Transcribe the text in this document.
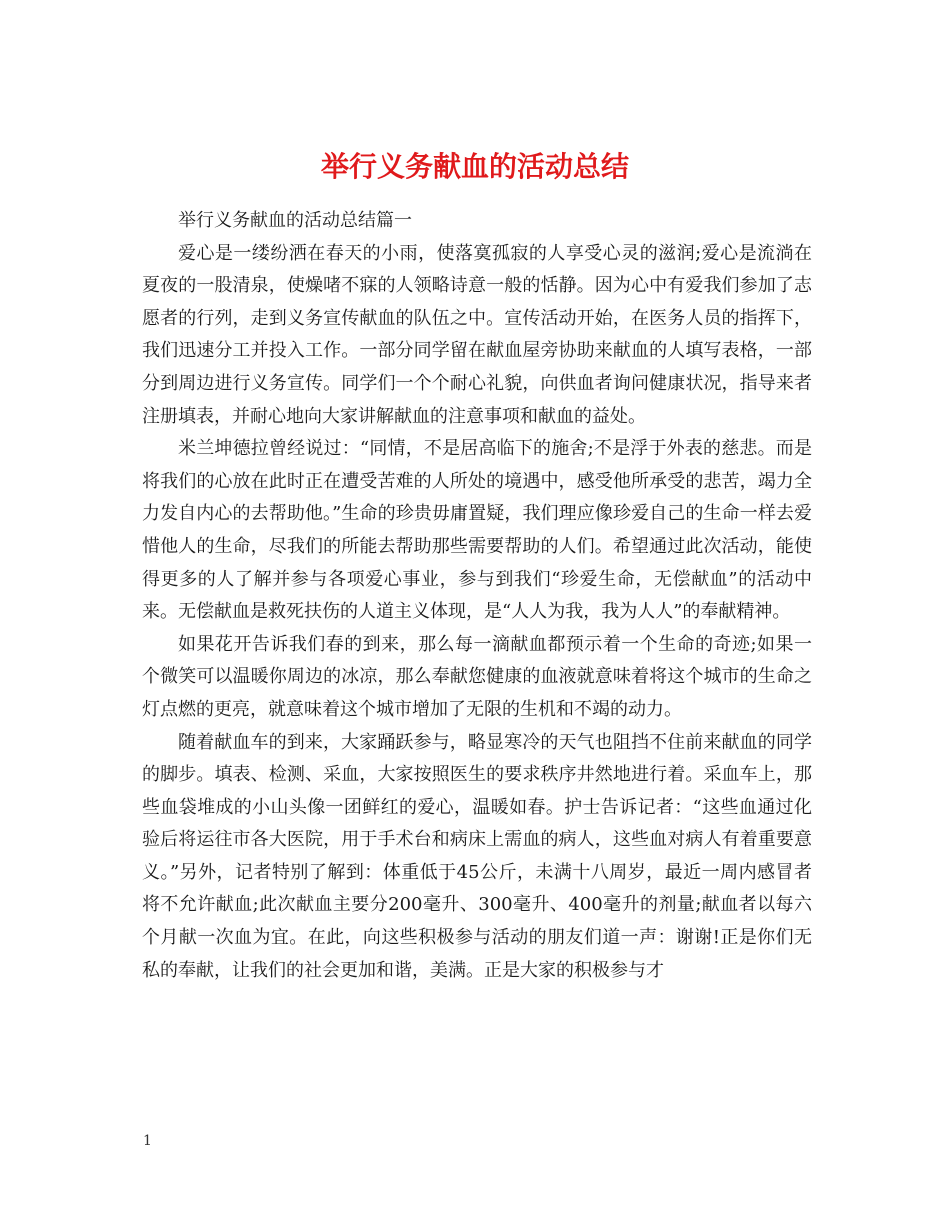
举行义务献血的活动总结

举行义务献血的活动总结篇一

爱心是一缕纷洒在春天的小雨，使落寞孤寂的人享受心灵的滋润;爱心是流淌在夏夜的一股清泉，使燥啫不寐的人领略诗意一般的恬静。因为心中有爱我们参加了志愿者的行列，走到义务宣传献血的队伍之中。宣传活动开始，在医务人员的指挥下，我们迅速分工并投入工作。一部分同学留在献血屋旁协助来献血的人填写表格，一部分到周边进行义务宣传。同学们一个个耐心礼貌，向供血者询问健康状况，指导来者注册填表，并耐心地向大家讲解献血的注意事项和献血的益处。

米兰坤德拉曾经说过：“同情，不是居高临下的施舍;不是浮于外表的慈悲。而是将我们的心放在此时正在遭受苦难的人所处的境遇中，感受他所承受的悲苦，竭力全力发自内心的去帮助他。”生命的珍贵毋庸置疑，我们理应像珍爱自己的生命一样去爱惜他人的生命，尽我们的所能去帮助那些需要帮助的人们。希望通过此次活动，能使得更多的人了解并参与各项爱心事业，参与到我们“珍爱生命，无偿献血”的活动中来。无偿献血是救死扶伤的人道主义体现，是“人人为我，我为人人”的奉献精神。

如果花开告诉我们春的到来，那么每一滴献血都预示着一个生命的奇迹;如果一个微笑可以温暖你周边的冰凉，那么奉献您健康的血液就意味着将这个城市的生命之灯点燃的更亮，就意味着这个城市增加了无限的生机和不竭的动力。

随着献血车的到来，大家踊跃参与，略显寒冷的天气也阻挡不住前来献血的同学的脚步。填表、检测、采血，大家按照医生的要求秩序井然地进行着。采血车上，那些血袋堆成的小山头像一团鲜红的爱心，温暖如春。护士告诉记者：“这些血通过化验后将运往市各大医院，用于手术台和病床上需血的病人，这些血对病人有着重要意义。”另外，记者特别了解到：体重低于45公斤，未满十八周岁，最近一周内感冒者将不允许献血;此次献血主要分200毫升、300毫升、400毫升的剂量;献血者以每六个月献一次血为宜。在此，向这些积极参与活动的朋友们道一声：谢谢!正是你们无私的奉献，让我们的社会更加和谐，美满。正是大家的积极参与才

1
